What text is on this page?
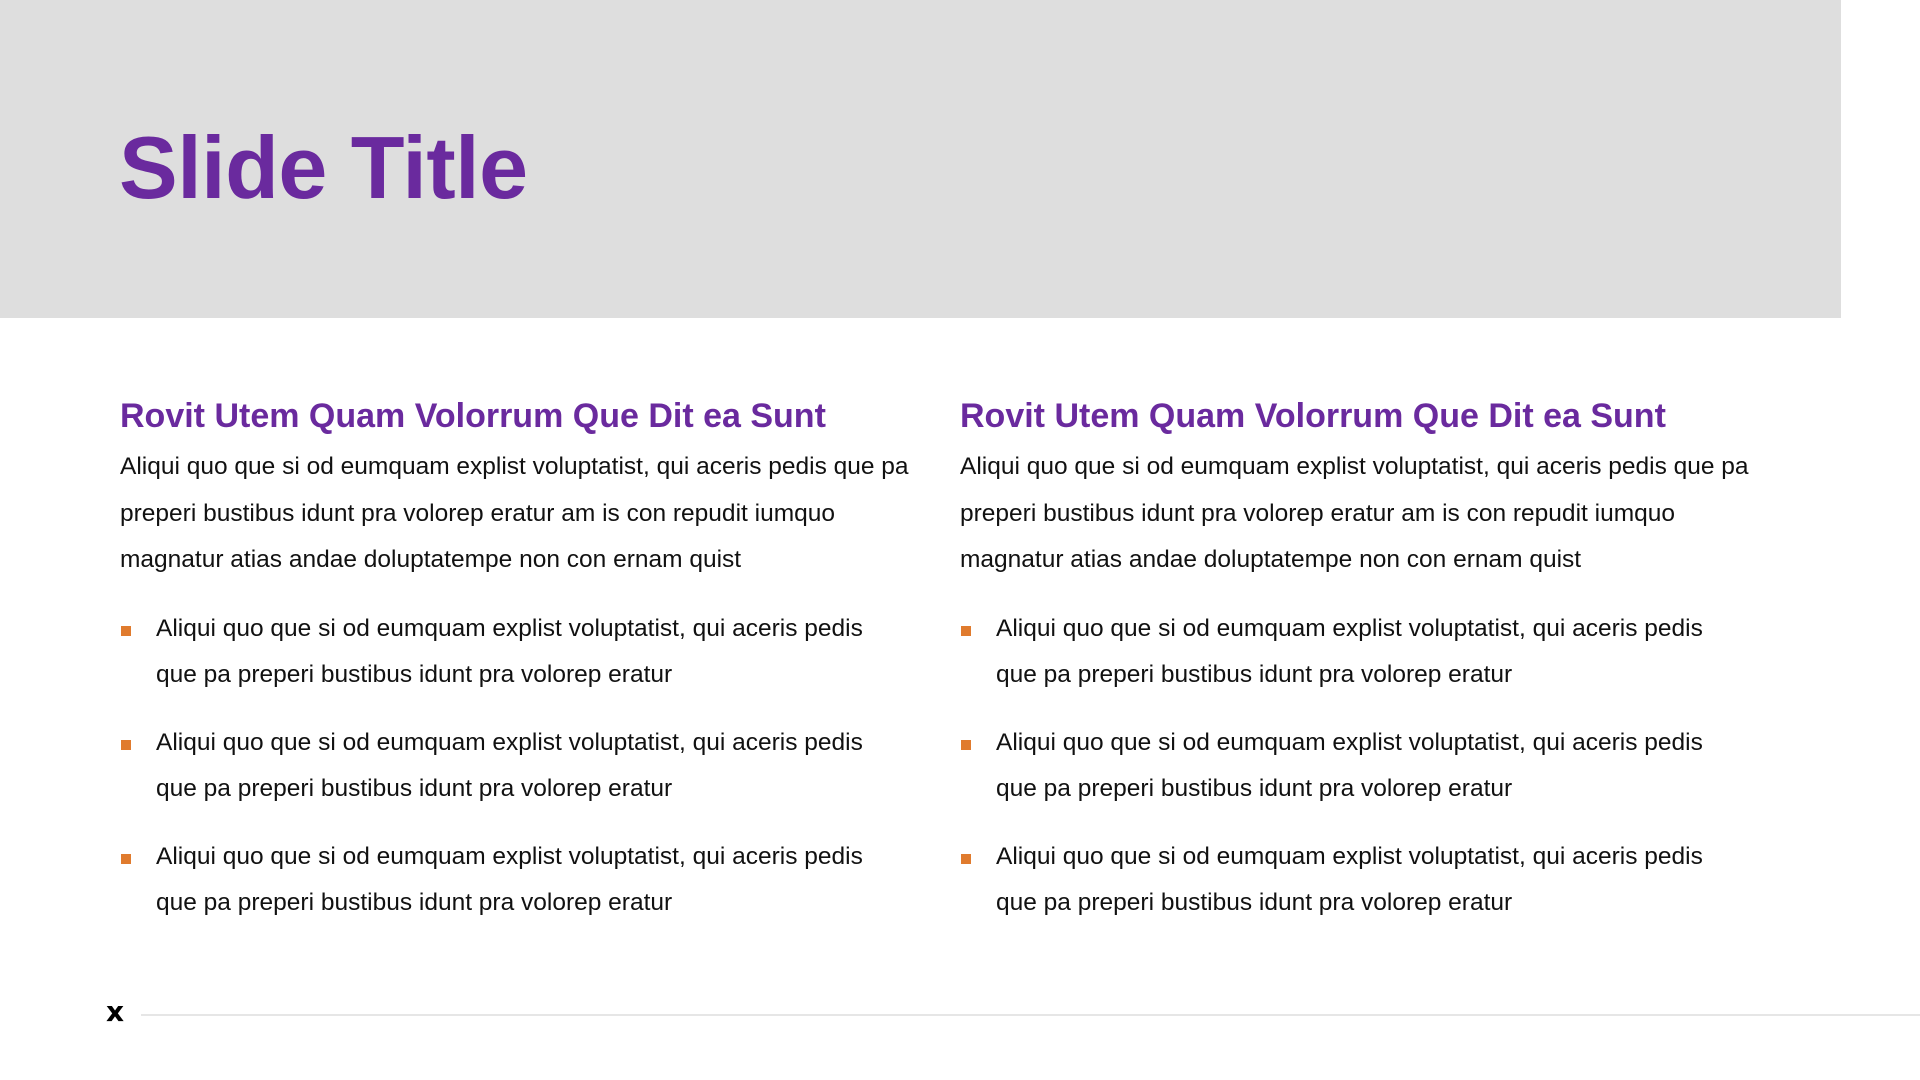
Slide Title
Rovit Utem Quam Volorrum Que Dit ea Sunt

Aliqui quo que si od eumquam explist voluptatist, qui aceris pedis que pa preperi bustibus idunt pra volorep eratur am is con repudit iumquo magnatur atias andae doluptatempe non con ernam quist

Aliqui quo que si od eumquam explist voluptatist, qui aceris pedis que pa preperi bustibus idunt pra volorep eratur
Aliqui quo que si od eumquam explist voluptatist, qui aceris pedis que pa preperi bustibus idunt pra volorep eratur
Aliqui quo que si od eumquam explist voluptatist, qui aceris pedis que pa preperi bustibus idunt pra volorep eratur
Rovit Utem Quam Volorrum Que Dit ea Sunt

Aliqui quo que si od eumquam explist voluptatist, qui aceris pedis que pa preperi bustibus idunt pra volorep eratur am is con repudit iumquo magnatur atias andae doluptatempe non con ernam quist

Aliqui quo que si od eumquam explist voluptatist, qui aceris pedis que pa preperi bustibus idunt pra volorep eratur
Aliqui quo que si od eumquam explist voluptatist, qui aceris pedis que pa preperi bustibus idunt pra volorep eratur
Aliqui quo que si od eumquam explist voluptatist, qui aceris pedis que pa preperi bustibus idunt pra volorep eratur
x
